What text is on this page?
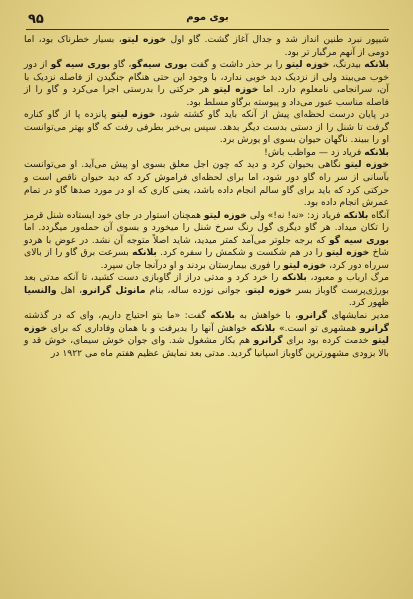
۹۵	بوی موم

شیپور نبرد طنین انداز شد و جدال آغاز گشت. گاو اول خوزه لیتو، بسیار خطرناک بود، اما دومی از آنهم مرگبار تر بود.

بلانکه بیدرنگ، خوزه لیتو را بر حذر داشت و گفت بوری سیه‌گو، گاو بوری سیه گو از دور خوب می‌بیند ولی از نزدیک دید خوبی ندارد، با وجود این حتی هنگام جنگیدن از فاصله نزدیک با آن، سرانجامی نامعلوم دارد. اما خوزه لیتو هر حرکتی را بدرستی اجرا می‌کرد و گاو را از فاصله مناسب عبور می‌داد و پیوسته برگاو مسلط بود.

در پایان درست لحظه‌ای پیش از آنکه باید گاو کشته شود، خوزه لیتو پانزده پا از گاو کناره گرفت تا شنل را از دستی بدست دیگر بدهد. سپس بی‌خبر بطرفی رفت که گاو بهتر می‌توانست او را ببیند. ناگهان حیوان بسوی او یورش برد.

بلانکه فریاد زد — مواظب باش!

خوزه لیتو نگاهی بحیوان کرد و دید که چون اجل معلق بسوی او پیش می‌آید. او می‌توانست بآسانی از سر راه گاو دور شود، اما برای لحظه‌ای فراموش کرد که دید حیوان ناقص است و حرکتی کرد که باید برای گاو سالم انجام داده باشد، یعنی کاری که او در مورد صدها گاو در تمام عمرش انجام داده بود.

آنگاه بلانکه فریاد زد: «نه! نه!» ولی خوزه لیتو همچنان استوار در جای خود ایستاده شنل قرمز را تکان میداد. هر گاو دیگری گول رنگ سرخ شنل را میخورد و بسوی آن حمله‌ور میگردد. اما بوری سیه گو که برجه جلوتر می‌آمد کمتر میدید، شاید اصلاً متوجه آن نشد. در عوض با هردو شاخ خوزه لیتو را در هم شکست و شکمش را سفره کرد. بلانکه بسرعت برق گاو را از بالای سرراه دور کرد، خوزه لیتو را فوری بیمارستان بردند و او درآنجا جان سپرد.

مرگ ارباب و معبود، بلانکه را خرد کرد و مدتی دراز از گاوبازی دست کشید، تا آنکه مدتی بعد بورژی‌پرست گاوباز بسر خوزه لیتو، جوانی نوزده ساله، بنام مانوئل گرانرو، اهل والنسیا ظهور کرد.

مدیر نمایشهای گرانرو، با خواهش به بلانکه گفت: «ما بتو احتیاج داریم، وای که در گذشته گرانرو همشهری تو است.» بلانکه خواهش آنها را بدیرفت و با همان وفاداری که برای خوزه لیتو خدمت کرده بود برای گرانرو هم بکار مشغول شد. وای جوان خوش سیمای، خوش قد و بالا بزودی مشهورترین گاوباز اسپانیا گردید. مدتی بعد نمایش عظیم هفتم ماه می ۱۹۲۲ در
